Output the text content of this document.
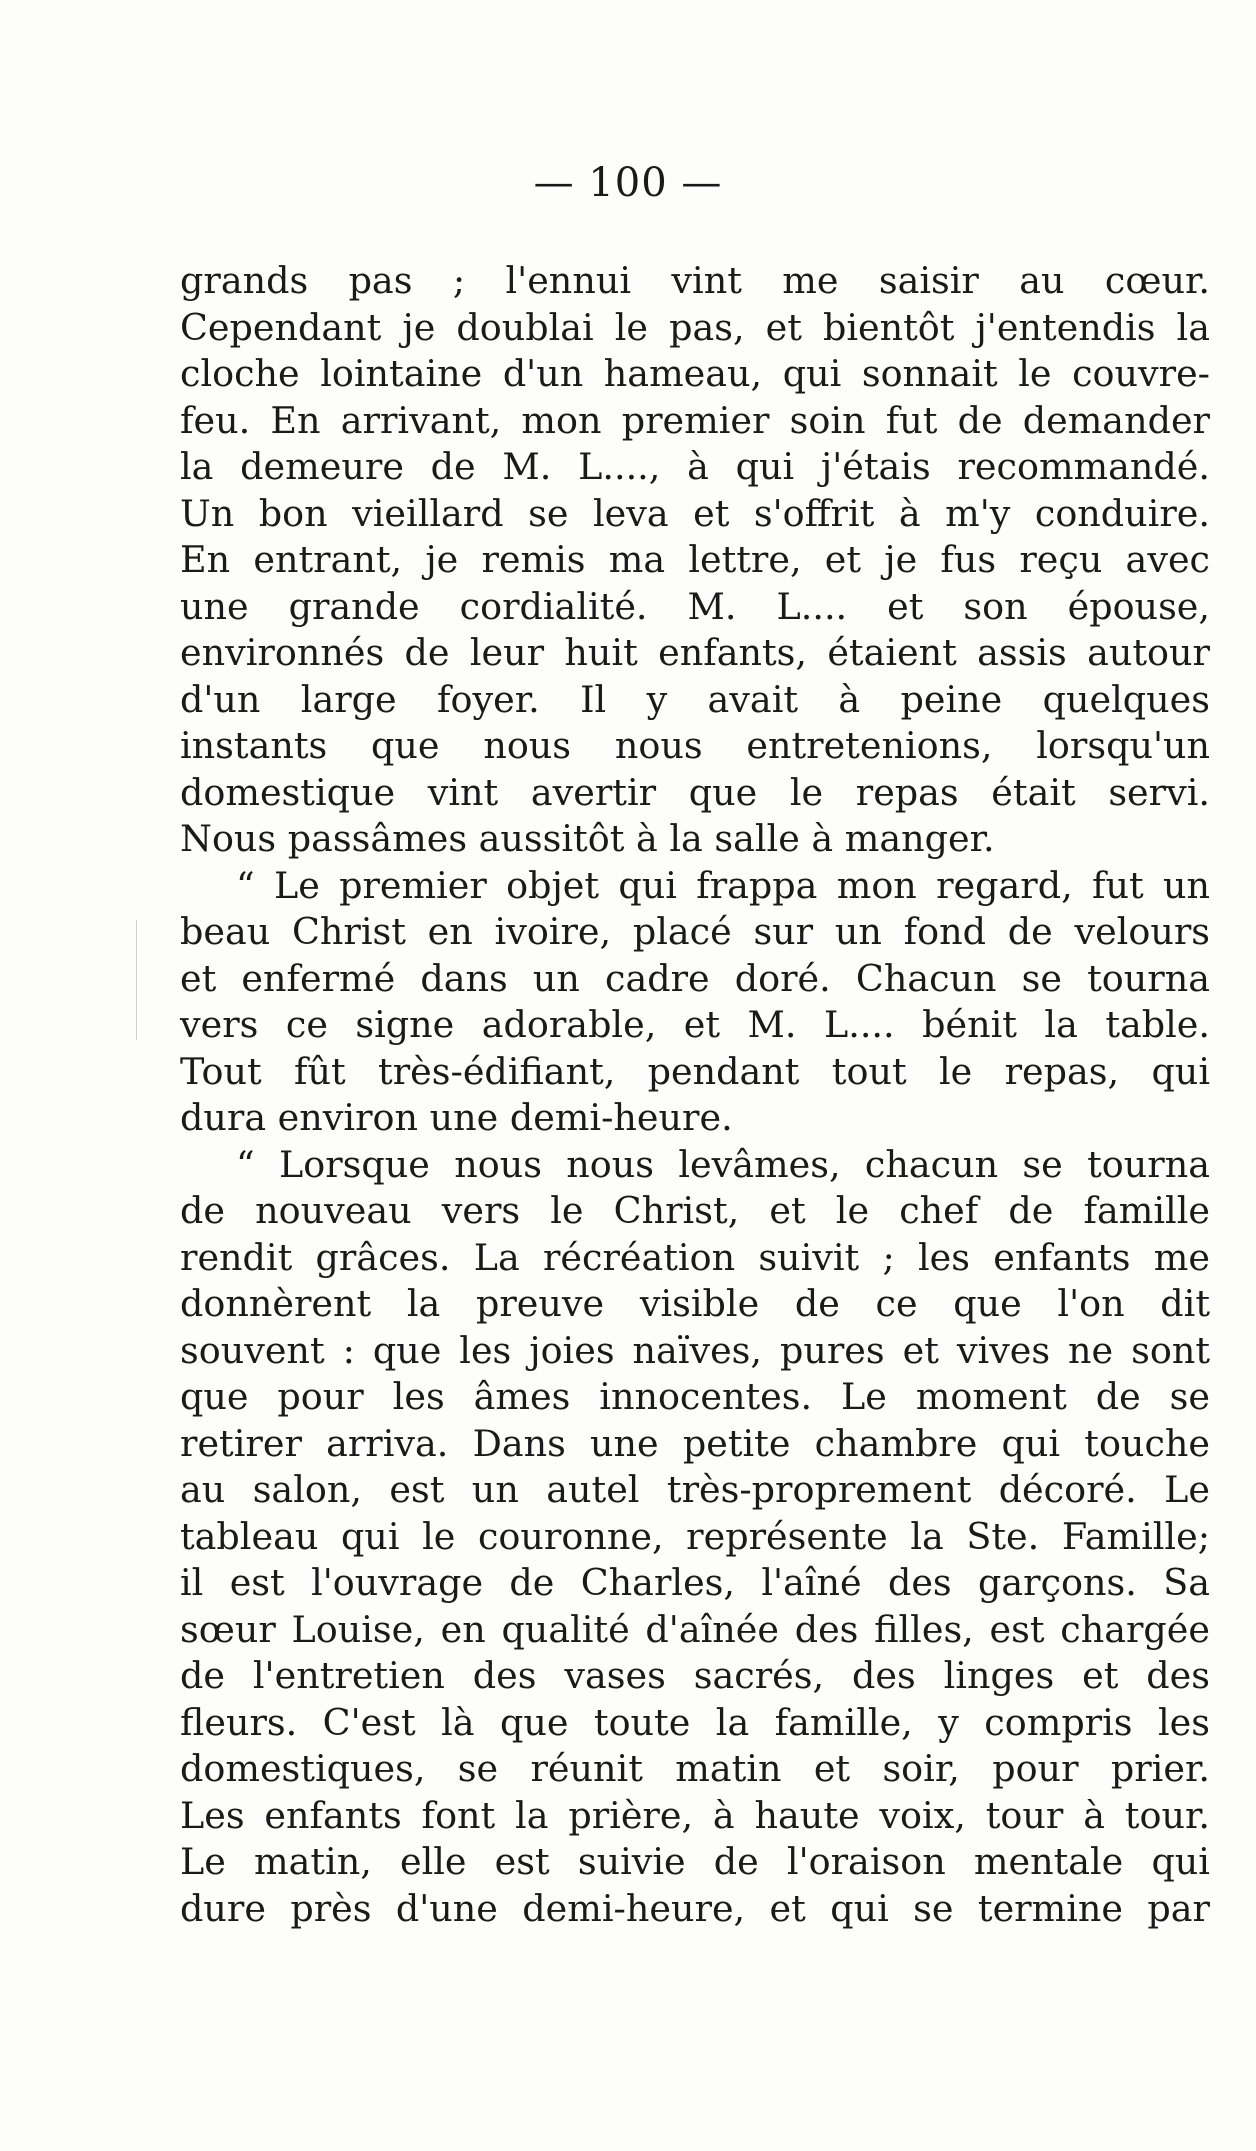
— 100 —
grands pas ; l'ennui vint me saisir au cœur.
Cependant je doublai le pas, et bientôt j'entendis la
cloche lointaine d'un hameau, qui sonnait le couvre-
feu. En arrivant, mon premier soin fut de demander
la demeure de M. L...., à qui j'étais recommandé.
Un bon vieillard se leva et s'offrit à m'y conduire.
En entrant, je remis ma lettre, et je fus reçu avec
une grande cordialité. M. L.... et son épouse,
environnés de leur huit enfants, étaient assis autour
d'un large foyer. Il y avait à peine quelques
instants que nous nous entretenions, lorsqu'un
domestique vint avertir que le repas était servi.
Nous passâmes aussitôt à la salle à manger.
“ Le premier objet qui frappa mon regard, fut un
beau Christ en ivoire, placé sur un fond de velours
et enfermé dans un cadre doré. Chacun se tourna
vers ce signe adorable, et M. L.... bénit la table.
Tout fût très-édifiant, pendant tout le repas, qui
dura environ une demi-heure.
“ Lorsque nous nous levâmes, chacun se tourna
de nouveau vers le Christ, et le chef de famille
rendit grâces. La récréation suivit ; les enfants me
donnèrent la preuve visible de ce que l'on dit
souvent : que les joies naïves, pures et vives ne sont
que pour les âmes innocentes. Le moment de se
retirer arriva. Dans une petite chambre qui touche
au salon, est un autel très-proprement décoré. Le
tableau qui le couronne, représente la Ste. Famille;
il est l'ouvrage de Charles, l'aîné des garçons. Sa
sœur Louise, en qualité d'aînée des filles, est chargée
de l'entretien des vases sacrés, des linges et des
fleurs. C'est là que toute la famille, y compris les
domestiques, se réunit matin et soir, pour prier.
Les enfants font la prière, à haute voix, tour à tour.
Le matin, elle est suivie de l'oraison mentale qui
dure près d'une demi-heure, et qui se termine par
